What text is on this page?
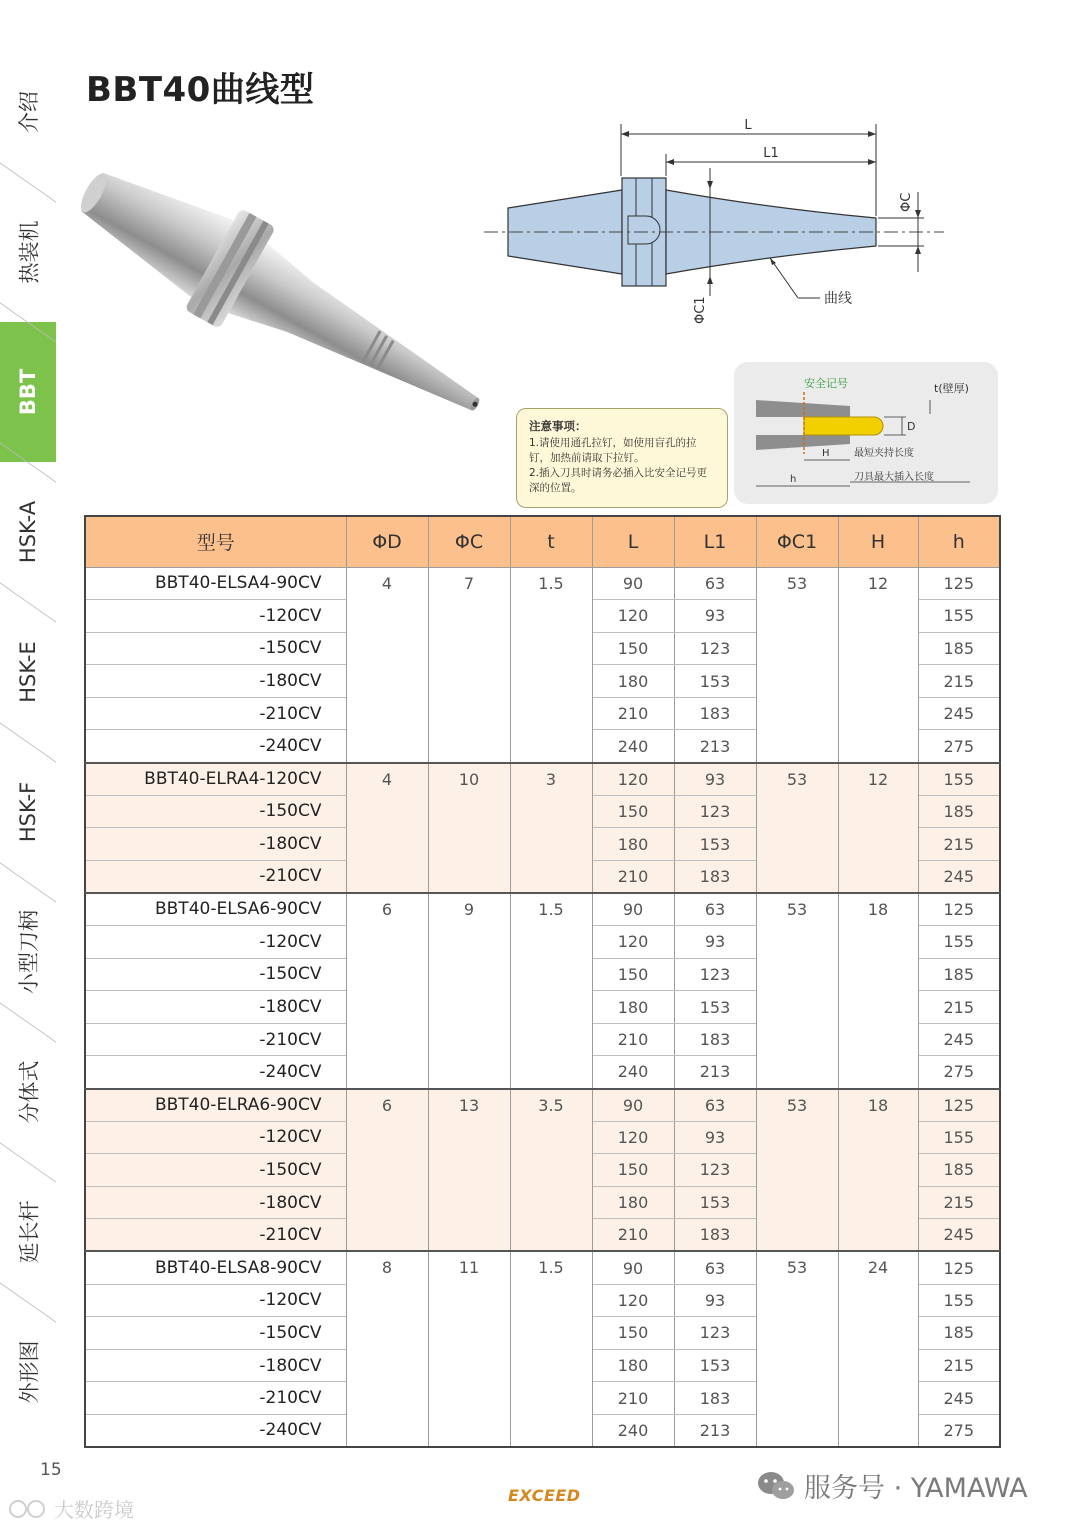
介绍
热装机
BBT
HSK-A
HSK-E
HSK-F
小型刀柄
分体式
延长杆
外形图
BBT40曲线型
L
L1
ΦC
ΦC1	曲线
注意事项：
1.请使用通孔拉钉，如使用盲孔的拉钉，加热前请取下拉钉。
2.插入刀具时请务必插入比安全记号更深的位置。
安全记号	t(壁厚)
D
H 最短夹持长度
h	刀具最大插入长度
型号	ΦD	ΦC	t	L	L1	ΦC1	H	h
BBT40-ELSA4-90CV	4	7	1.5	90	63	53	12	125
-120CV				120	93			155
-150CV				150	123			185
-180CV				180	153			215
-210CV				210	183			245
-240CV				240	213			275
BBT40-ELRA4-120CV	4	10	3	120	93	53	12	155
-150CV				150	123			185
-180CV				180	153			215
-210CV				210	183			245
BBT40-ELSA6-90CV	6	9	1.5	90	63	53	18	125
-120CV				120	93			155
-150CV				150	123			185
-180CV				180	153			215
-210CV				210	183			245
-240CV				240	213			275
BBT40-ELRA6-90CV	6	13	3.5	90	63	53	18	125
-120CV				120	93			155
-150CV				150	123			185
-180CV				180	153			215
-210CV				210	183			245
BBT40-ELSA8-90CV	8	11	1.5	90	63	53	24	125
-120CV				120	93			155
-150CV				150	123			185
-180CV				180	153			215
-210CV				210	183			245
-240CV				240	213			275
15
EXCEED	服务号 · YAMAWA
大数跨境
